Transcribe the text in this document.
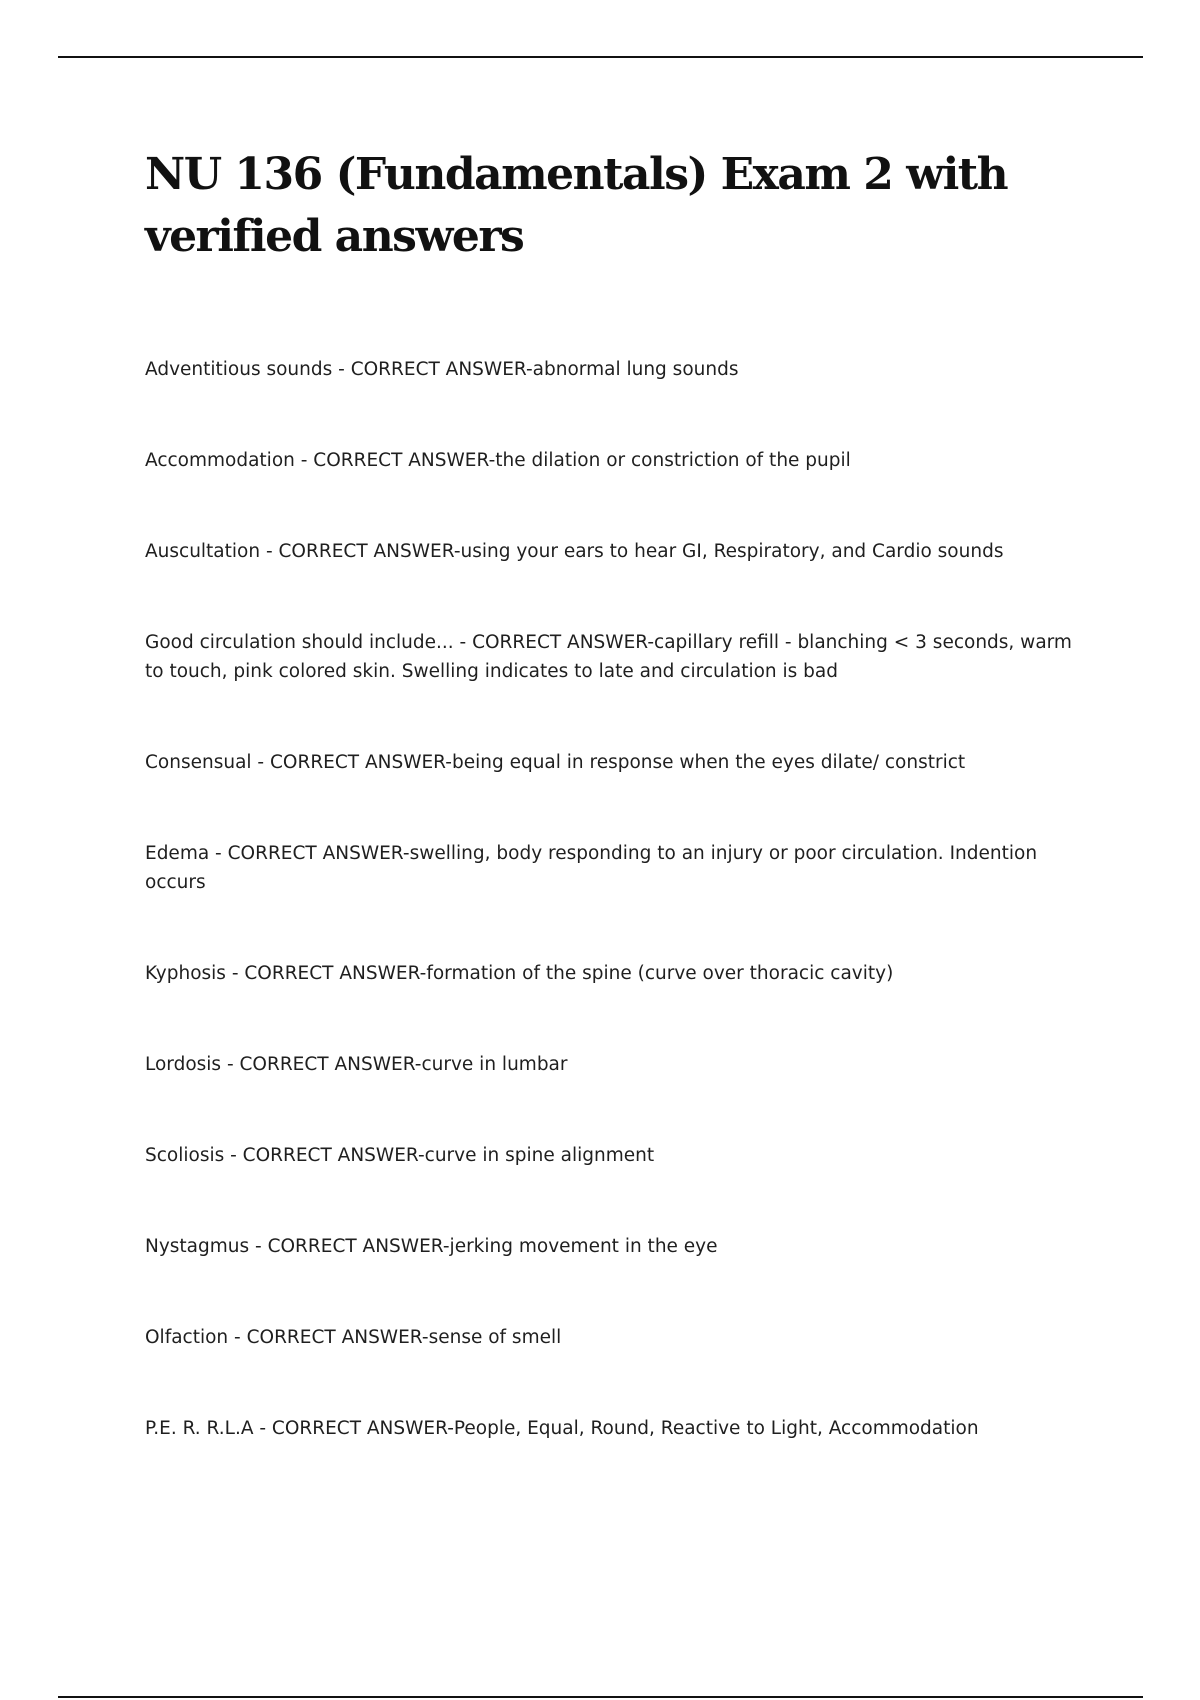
NU 136 (Fundamentals) Exam 2 with verified answers
Adventitious sounds - CORRECT ANSWER-abnormal lung sounds
Accommodation - CORRECT ANSWER-the dilation or constriction of the pupil
Auscultation - CORRECT ANSWER-using your ears to hear GI, Respiratory, and Cardio sounds
Good circulation should include... - CORRECT ANSWER-capillary refill - blanching < 3 seconds, warm to touch, pink colored skin. Swelling indicates to late and circulation is bad
Consensual - CORRECT ANSWER-being equal in response when the eyes dilate/ constrict
Edema - CORRECT ANSWER-swelling, body responding to an injury or poor circulation. Indention occurs
Kyphosis - CORRECT ANSWER-formation of the spine (curve over thoracic cavity)
Lordosis - CORRECT ANSWER-curve in lumbar
Scoliosis - CORRECT ANSWER-curve in spine alignment
Nystagmus - CORRECT ANSWER-jerking movement in the eye
Olfaction - CORRECT ANSWER-sense of smell
P.E. R. R.L.A - CORRECT ANSWER-People, Equal, Round, Reactive to Light, Accommodation
